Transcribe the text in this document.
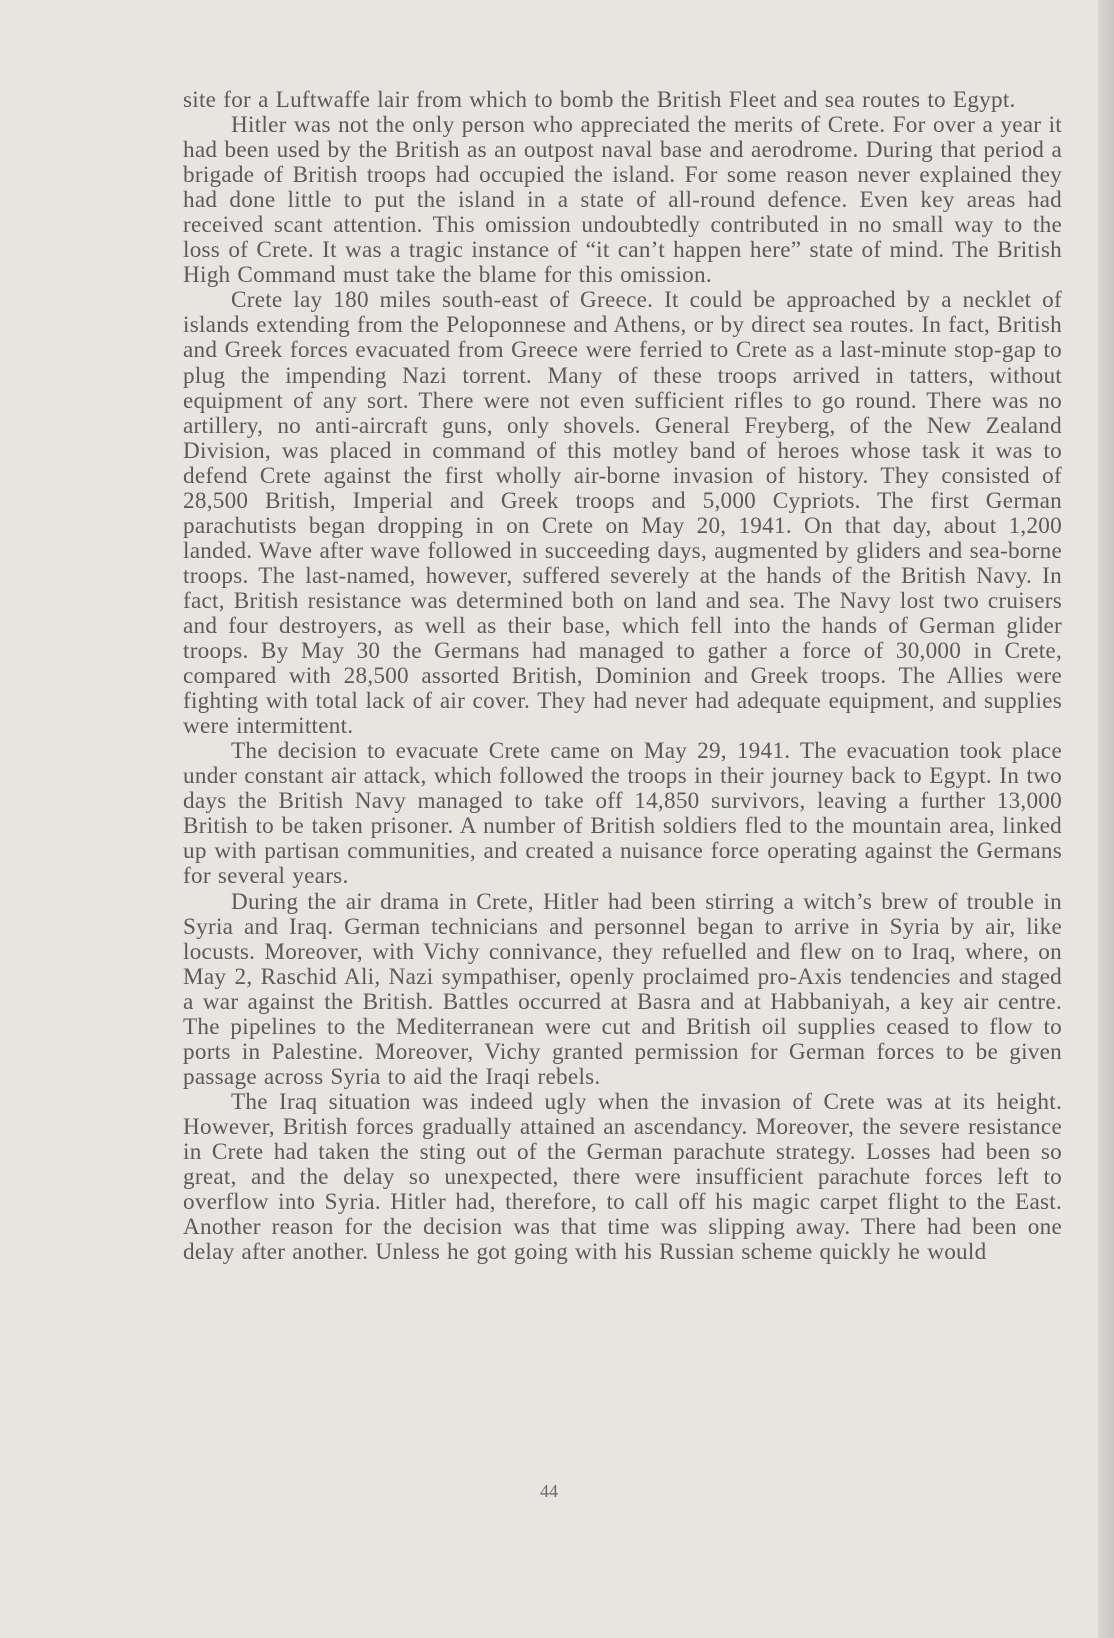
site for a Luftwaffe lair from which to bomb the British Fleet and sea routes to Egypt.

Hitler was not the only person who appreciated the merits of Crete. For over a year it had been used by the British as an outpost naval base and aerodrome. During that period a brigade of British troops had occupied the island. For some reason never explained they had done little to put the island in a state of all-round defence. Even key areas had received scant attention. This omission undoubtedly contributed in no small way to the loss of Crete. It was a tragic instance of “it can’t happen here” state of mind. The British High Command must take the blame for this omission.

Crete lay 180 miles south-east of Greece. It could be approached by a necklet of islands extending from the Peloponnese and Athens, or by direct sea routes. In fact, British and Greek forces evacuated from Greece were ferried to Crete as a last-minute stop-gap to plug the impending Nazi torrent. Many of these troops arrived in tatters, without equipment of any sort. There were not even sufficient rifles to go round. There was no artillery, no anti-aircraft guns, only shovels. General Freyberg, of the New Zealand Division, was placed in command of this motley band of heroes whose task it was to defend Crete against the first wholly air-borne invasion of history. They consisted of 28,500 British, Imperial and Greek troops and 5,000 Cypriots. The first German parachutists began dropping in on Crete on May 20, 1941. On that day, about 1,200 landed. Wave after wave followed in succeeding days, augmented by gliders and sea-borne troops. The last-named, however, suffered severely at the hands of the British Navy. In fact, British resistance was determined both on land and sea. The Navy lost two cruisers and four destroyers, as well as their base, which fell into the hands of German glider troops. By May 30 the Germans had managed to gather a force of 30,000 in Crete, compared with 28,500 assorted British, Dominion and Greek troops. The Allies were fighting with total lack of air cover. They had never had adequate equipment, and supplies were intermittent.

The decision to evacuate Crete came on May 29, 1941. The evacuation took place under constant air attack, which followed the troops in their journey back to Egypt. In two days the British Navy managed to take off 14,850 survivors, leaving a further 13,000 British to be taken prisoner. A number of British soldiers fled to the mountain area, linked up with partisan communities, and created a nuisance force operating against the Germans for several years.

During the air drama in Crete, Hitler had been stirring a witch’s brew of trouble in Syria and Iraq. German technicians and personnel began to arrive in Syria by air, like locusts. Moreover, with Vichy connivance, they refuelled and flew on to Iraq, where, on May 2, Raschid Ali, Nazi sympathiser, openly proclaimed pro-Axis tendencies and staged a war against the British. Battles occurred at Basra and at Habbaniyah, a key air centre. The pipelines to the Mediterranean were cut and British oil supplies ceased to flow to ports in Palestine. Moreover, Vichy granted permission for German forces to be given passage across Syria to aid the Iraqi rebels.

The Iraq situation was indeed ugly when the invasion of Crete was at its height. However, British forces gradually attained an ascendancy. Moreover, the severe resistance in Crete had taken the sting out of the German parachute strategy. Losses had been so great, and the delay so unexpected, there were insufficient parachute forces left to overflow into Syria. Hitler had, therefore, to call off his magic carpet flight to the East. Another reason for the decision was that time was slipping away. There had been one delay after another. Unless he got going with his Russian scheme quickly he would

44
